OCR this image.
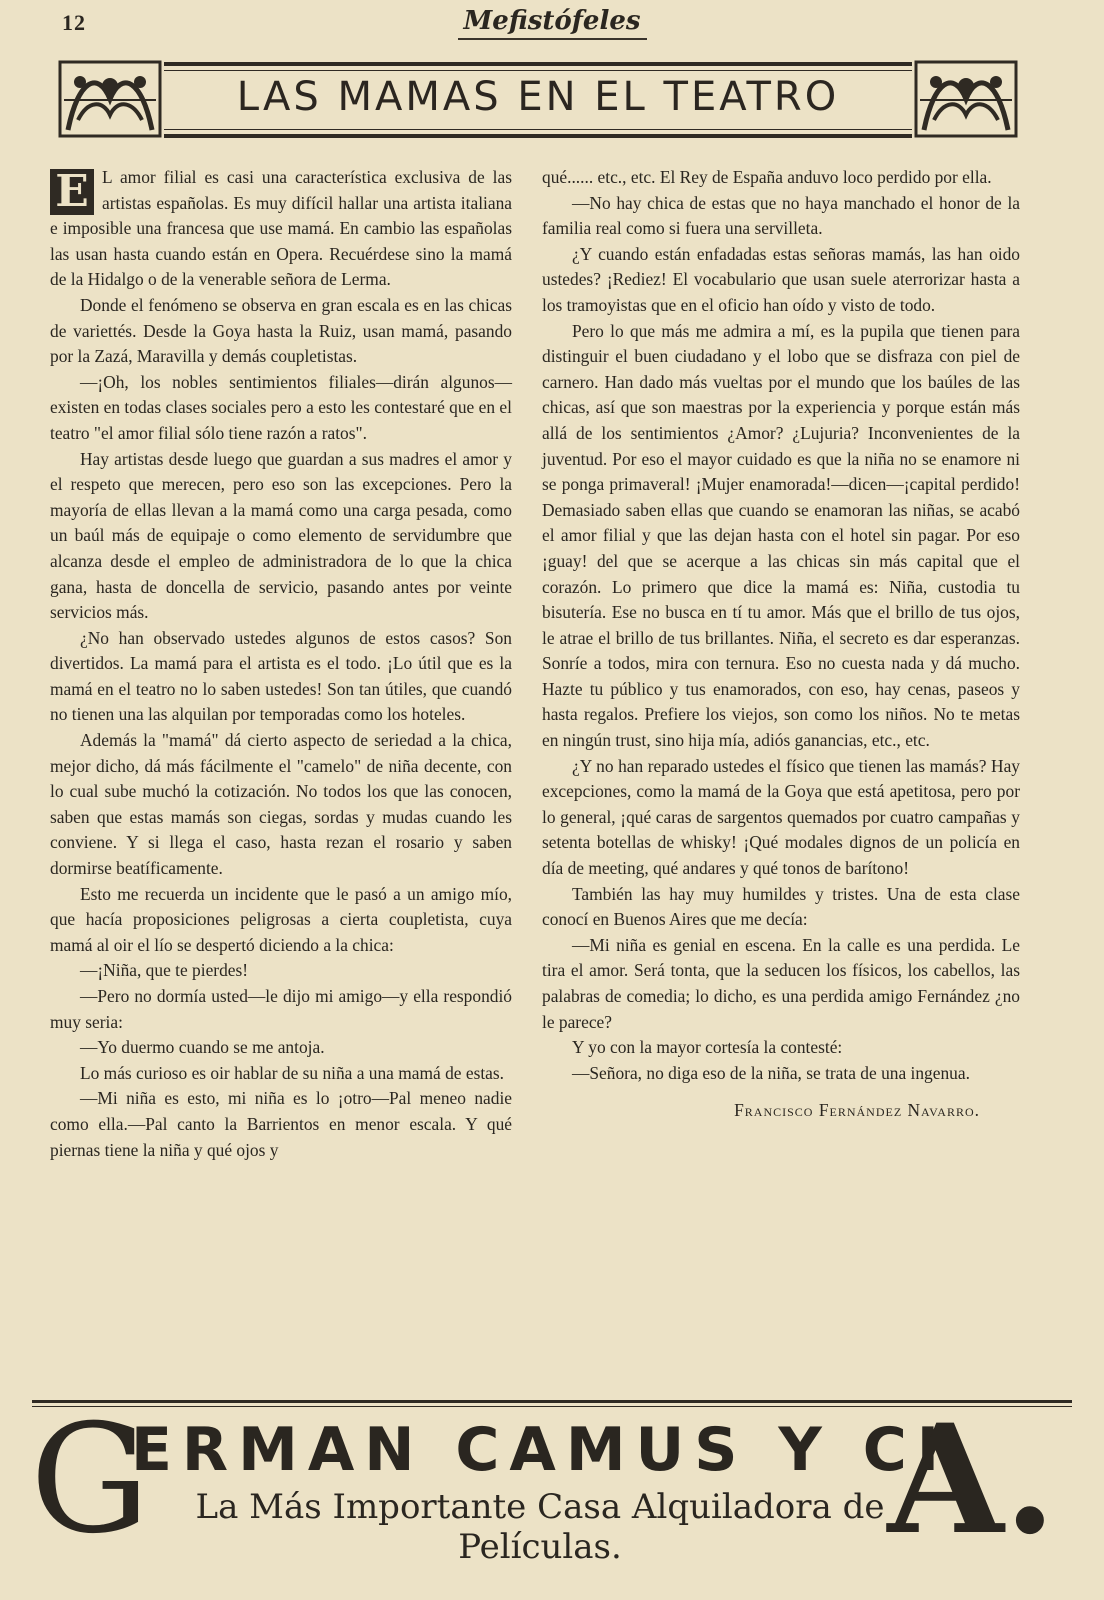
12	Mefistófeles
LAS MAMAS EN EL TEATRO

E L amor filial es casi una característica exclusiva de las artistas españolas. Es muy difícil hallar una artista italiana e imposible una francesa que use mamá. En cambio las españolas las usan hasta cuando están en Opera. Recuérdese sino la mamá de la Hidalgo o de la venerable señora de Lerma.

Donde el fenómeno se observa en gran escala es en las chicas de variettés. Desde la Goya hasta la Ruiz, usan mamá, pasando por la Zazá, Maravilla y demás coupletistas.

—¡Oh, los nobles sentimientos filiales—dirán algunos—existen en todas clases sociales pero a esto les contestaré que en el teatro "el amor filial sólo tiene razón a ratos".

Hay artistas desde luego que guardan a sus madres el amor y el respeto que merecen, pero eso son las excepciones. Pero la mayoría de ellas llevan a la mamá como una carga pesada, como un baúl más de equipaje o como elemento de servidumbre que alcanza desde el empleo de administradora de lo que la chica gana, hasta de doncella de servicio, pasando antes por veinte servicios más.

¿No han observado ustedes algunos de estos casos? Son divertidos. La mamá para el artista es el todo. ¡Lo útil que es la mamá en el teatro no lo saben ustedes! Son tan útiles, que cuandó no tienen una las alquilan por temporadas como los hoteles.

Además la "mamá" dá cierto aspecto de seriedad a la chica, mejor dicho, dá más fácilmente el "camelo" de niña decente, con lo cual sube muchó la cotización. No todos los que las conocen, saben que estas mamás son ciegas, sordas y mudas cuando les conviene. Y si llega el caso, hasta rezan el rosario y saben dormirse beatíficamente.

Esto me recuerda un incidente que le pasó a un amigo mío, que hacía proposiciones peligrosas a cierta coupletista, cuya mamá al oir el lío se despertó diciendo a la chica:

—¡Niña, que te pierdes!

—Pero no dormía usted—le dijo mi amigo—y ella respondió muy seria:

—Yo duermo cuando se me antoja.

Lo más curioso es oir hablar de su niña a una mamá de estas.

—Mi niña es esto, mi niña es lo ¡otro—Pal meneo nadie como ella.—Pal canto la Barrientos en menor escala. Y qué piernas tiene la niña y qué ojos y

qué...... etc., etc. El Rey de España anduvo loco perdido por ella.

—No hay chica de estas que no haya manchado el honor de la familia real como si fuera una servilleta.

¿Y cuando están enfadadas estas señoras mamás, las han oido ustedes? ¡Rediez! El vocabulario que usan suele aterrorizar hasta a los tramoyistas que en el oficio han oído y visto de todo.

Pero lo que más me admira a mí, es la pupila que tienen para distinguir el buen ciudadano y el lobo que se disfraza con piel de carnero. Han dado más vueltas por el mundo que los baúles de las chicas, así que son maestras por la experiencia y porque están más allá de los sentimientos ¿Amor? ¿Lujuria? Inconvenientes de la juventud. Por eso el mayor cuidado es que la niña no se enamore ni se ponga primaveral! ¡Mujer enamorada!—dicen—¡capital perdido! Demasiado saben ellas que cuando se enamoran las niñas, se acabó el amor filial y que las dejan hasta con el hotel sin pagar. Por eso ¡guay! del que se acerque a las chicas sin más capital que el corazón. Lo primero que dice la mamá es: Niña, custodia tu bisutería. Ese no busca en tí tu amor. Más que el brillo de tus ojos, le atrae el brillo de tus brillantes. Niña, el secreto es dar esperanzas. Sonríe a todos, mira con ternura. Eso no cuesta nada y dá mucho. Hazte tu público y tus enamorados, con eso, hay cenas, paseos y hasta regalos. Prefiere los viejos, son como los niños. No te metas en ningún trust, sino hija mía, adiós ganancias, etc., etc.

¿Y no han reparado ustedes el físico que tienen las mamás? Hay excepciones, como la mamá de la Goya que está apetitosa, pero por lo general, ¡qué caras de sargentos quemados por cuatro campañas y setenta botellas de whisky! ¡Qué modales dignos de un policía en día de meeting, qué andares y qué tonos de barítono!

También las hay muy humildes y tristes. Una de esta clase conocí en Buenos Aires que me decía:

—Mi niña es genial en escena. En la calle es una perdida. Le tira el amor. Será tonta, que la seducen los físicos, los cabellos, las palabras de comedia; lo dicho, es una perdida amigo Fernández ¿no le parece?

Y yo con la mayor cortesía la contesté:

—Señora, no diga eso de la niña, se trata de una ingenua.

Francisco Fernández Navarro.
G
ERMAN CAMUS Y CI
La Más Importante Casa Alquiladora de Películas.	A.
